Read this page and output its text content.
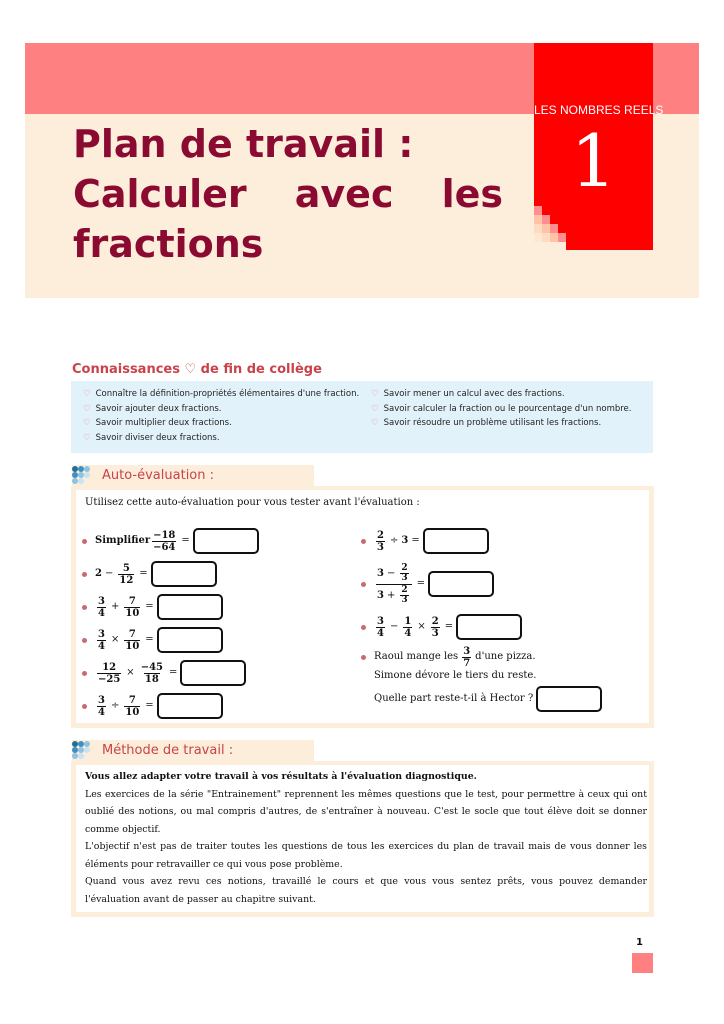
Plan de travail :
Calculer avec les
fractions
LES NOMBRES REELS
1
Connaissances ♡ de fin de collège
♡ Connaître la définition-propriétés élémentaires d'une fraction.
♡ Savoir ajouter deux fractions.
♡ Savoir multiplier deux fractions.
♡ Savoir diviser deux fractions.
♡ Savoir mener un calcul avec des fractions.
♡ Savoir calculer la fraction ou le pourcentage d'un nombre.
♡ Savoir résoudre un problème utilisant les fractions.
Auto-évaluation :
Utilisez cette auto-évaluation pour vous tester avant l'évaluation :
Simplifier $\frac{-18}{-64}$ =
$2 - \frac{5}{12}$ =
$\frac{3}{4} + \frac{7}{10}$ =
$\frac{3}{4} \times \frac{7}{10}$ =
$\frac{12}{-25} \times \frac{-45}{18}$ =
$\frac{3}{4} \div \frac{7}{10}$ =
$\frac{2}{3} \div 3$ =
$\frac{3 - \frac{2}{3}}{3 + \frac{2}{3}}$ =
$\frac{3}{4} - \frac{1}{4} \times \frac{2}{3}$ =
Raoul mange les $\frac{3}{7} d'une$ pizza.
Simone dévore le tiers du reste.
Quelle part reste-t-il à Hector ?
Méthode de travail :

Vous allez adapter votre travail à vos résultats à l'évaluation diagnostique.

Les exercices de la série "Entrainement" reprennent les mêmes questions que le test, pour permettre à ceux qui ont oublié des notions, ou mal compris d'autres, de s'entraîner à nouveau. C'est le socle que tout élève doit se donner comme objectif.

L'objectif n'est pas de traiter toutes les questions de tous les exercices du plan de travail mais de vous donner les éléments pour retravailler ce qui vous pose problème.

Quand vous avez revu ces notions, travaillé le cours et que vous vous sentez prêts, vous pouvez demander l'évaluation avant de passer au chapitre suivant.

1
